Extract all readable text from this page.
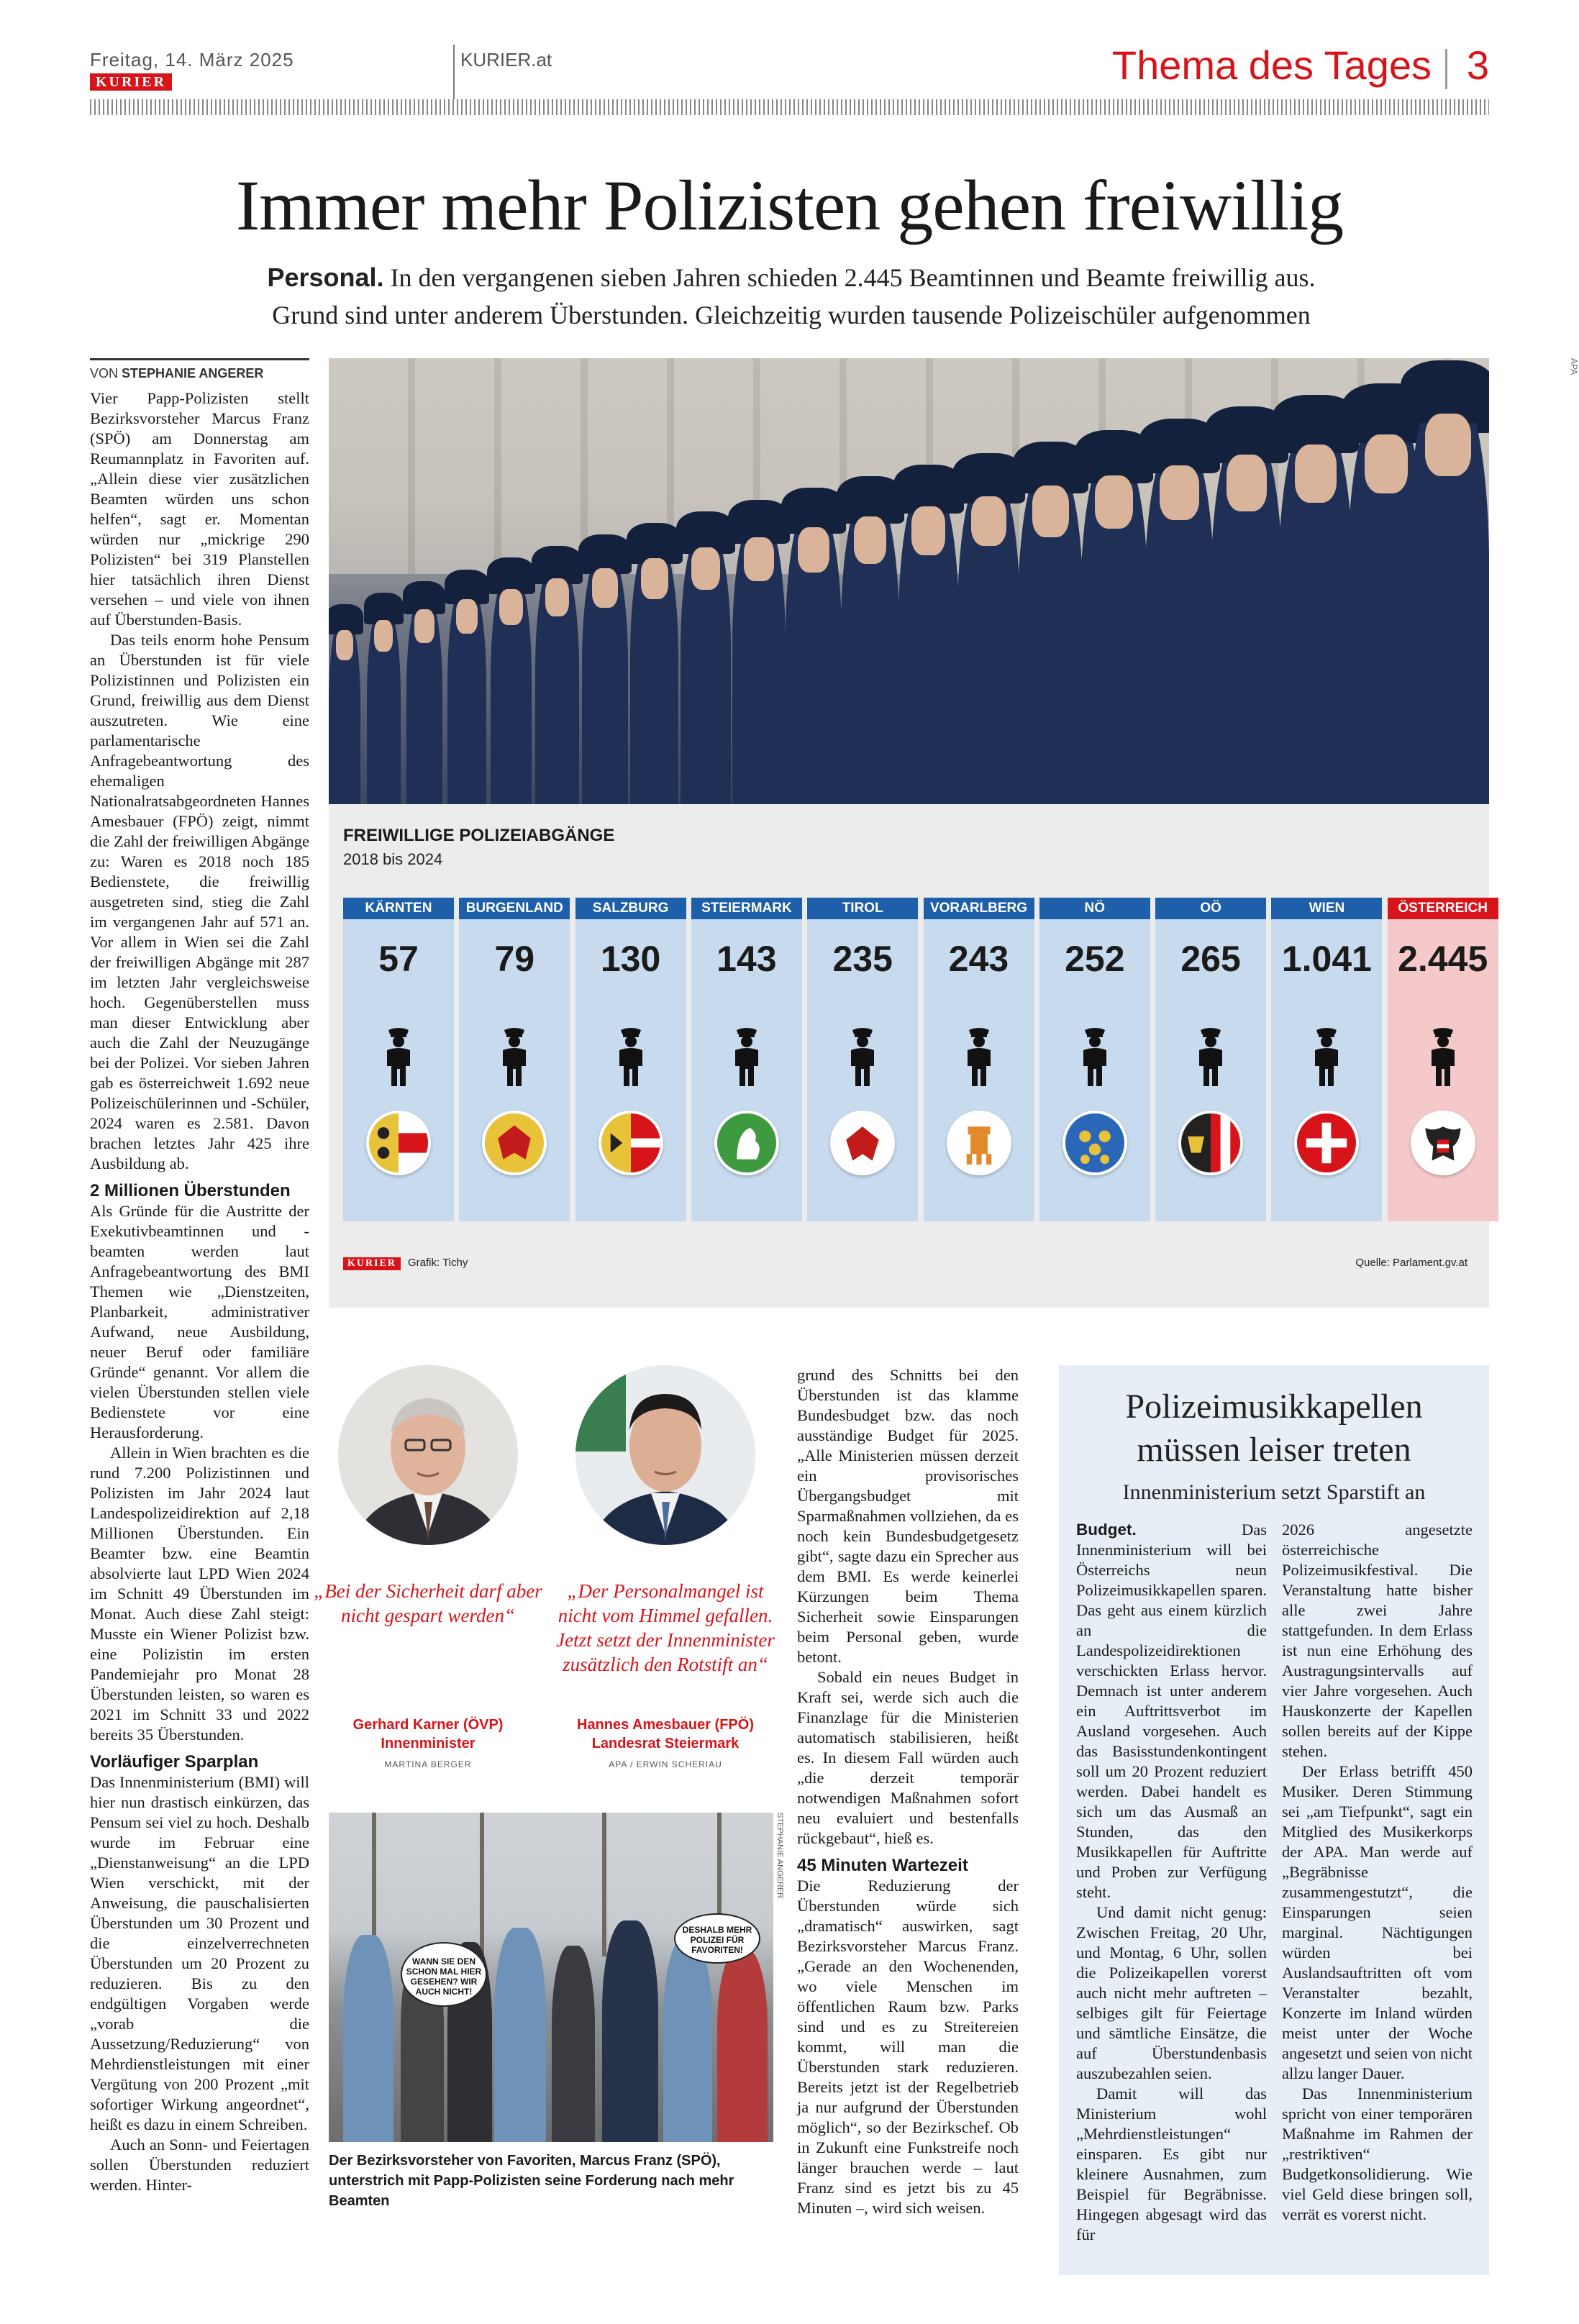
Freitag, 14. März 2025
KURIER
KURIER.at	Thema des Tages 3
Immer mehr Polizisten gehen freiwillig
Personal. In den vergangenen sieben Jahren schieden 2.445 Beamtinnen und Beamte freiwillig aus.
Grund sind unter anderem Überstunden. Gleichzeitig wurden tausende Polizeischüler aufgenommen
VON STEPHANIE ANGERER

Vier Papp-Polizisten stellt Bezirksvorsteher Marcus Franz (SPÖ) am Donnerstag am Reumannplatz in Favoriten auf. „Allein diese vier zusätzlichen Beamten würden uns schon helfen“, sagt er. Momentan würden nur „mickrige 290 Polizisten“ bei 319 Planstellen hier tatsächlich ihren Dienst versehen – und viele von ihnen auf Überstunden-Basis.

Das teils enorm hohe Pensum an Überstunden ist für viele Polizistinnen und Polizisten ein Grund, freiwillig aus dem Dienst auszutreten. Wie eine parlamentarische Anfragebeantwortung des ehemaligen Nationalratsabgeordneten Hannes Amesbauer (FPÖ) zeigt, nimmt die Zahl der freiwilligen Abgänge zu: Waren es 2018 noch 185 Bedienstete, die freiwillig ausgetreten sind, stieg die Zahl im vergangenen Jahr auf 571 an. Vor allem in Wien sei die Zahl der freiwilligen Abgänge mit 287 im letzten Jahr vergleichsweise hoch. Gegenüberstellen muss man dieser Entwicklung aber auch die Zahl der Neuzugänge bei der Polizei. Vor sieben Jahren gab es österreichweit 1.692 neue Polizeischülerinnen und -Schüler, 2024 waren es 2.581. Davon brachen letztes Jahr 425 ihre Ausbildung ab.

2 Millionen Überstunden

Als Gründe für die Austritte der Exekutivbeamtinnen und -beamten werden laut Anfragebeantwortung des BMI Themen wie „Dienstzeiten, Planbarkeit, administrativer Aufwand, neue Ausbildung, neuer Beruf oder familiäre Gründe“ genannt. Vor allem die vielen Überstunden stellen viele Bedienstete vor eine Herausforderung.

Allein in Wien brachten es die rund 7.200 Polizistinnen und Polizisten im Jahr 2024 laut Landespolizeidirektion auf 2,18 Millionen Überstunden. Ein Beamter bzw. eine Beamtin absolvierte laut LPD Wien 2024 im Schnitt 49 Überstunden im Monat. Auch diese Zahl steigt: Musste ein Wiener Polizist bzw. eine Polizistin im ersten Pandemiejahr pro Monat 28 Überstunden leisten, so waren es 2021 im Schnitt 33 und 2022 bereits 35 Überstunden.

Vorläufiger Sparplan

Das Innenministerium (BMI) will hier nun drastisch einkürzen, das Pensum sei viel zu hoch. Deshalb wurde im Februar eine „Dienstanweisung“ an die LPD Wien verschickt, mit der Anweisung, die pauschalisierten Überstunden um 30 Prozent und die einzelverrechneten Überstunden um 20 Prozent zu reduzieren. Bis zu den endgültigen Vorgaben werde „vorab die Aussetzung/Reduzierung“ von Mehrdienstleistungen mit einer Vergütung von 200 Prozent „mit sofortiger Wirkung angeordnet“, heißt es dazu in einem Schreiben.

Auch an Sonn- und Feiertagen sollen Überstunden reduziert werden. Hinter-

APA
FREIWILLIGE POLIZEIABGÄNGE
2018 bis 2024
KÄRNTEN
57
BURGENLAND
79
SALZBURG
130
STEIERMARK
143
TIROL
235
VORARLBERG
243
NÖ
252
OÖ
265
WIEN
1.041
ÖSTERREICH
2.445
KURIER	Grafik: Tichy	Quelle: Parlament.gv.at
„Bei der Sicherheit darf aber nicht gespart werden“
Gerhard Karner (ÖVP)
Innenminister
MARTINA BERGER
„Der Personalmangel ist nicht vom Himmel gefallen. Jetzt setzt der Innenminister zusätzlich den Rotstift an“
Hannes Amesbauer (FPÖ)
Landesrat Steiermark
APA / ERWIN SCHERIAU
WANN SIE DEN SCHON MAL HIER GESEHEN? WIR AUCH NICHT!
DESHALB MEHR POLIZEI FÜR FAVORITEN!
STEPHANIE ANGERER
Der Bezirksvorsteher von Favoriten, Marcus Franz (SPÖ), unterstrich mit Papp-Polizisten seine Forderung nach mehr Beamten

grund des Schnitts bei den Überstunden ist das klamme Bundesbudget bzw. das noch ausständige Budget für 2025. „Alle Ministerien müssen derzeit ein provisorisches Übergangsbudget mit Sparmaßnahmen vollziehen, da es noch kein Bundesbudgetgesetz gibt“, sagte dazu ein Sprecher aus dem BMI. Es werde keinerlei Kürzungen beim Thema Sicherheit sowie Einsparungen beim Personal geben, wurde betont.

Sobald ein neues Budget in Kraft sei, werde sich auch die Finanzlage für die Ministerien automatisch stabilisieren, heißt es. In diesem Fall würden auch „die derzeit temporär notwendigen Maßnahmen sofort neu evaluiert und bestenfalls rückgebaut“, hieß es.

45 Minuten Wartezeit

Die Reduzierung der Überstunden würde sich „dramatisch“ auswirken, sagt Bezirksvorsteher Marcus Franz. „Gerade an den Wochenenden, wo viele Menschen im öffentlichen Raum bzw. Parks sind und es zu Streitereien kommt, will man die Überstunden stark reduzieren. Bereits jetzt ist der Regelbetrieb ja nur aufgrund der Überstunden möglich“, so der Bezirkschef. Ob in Zukunft eine Funkstreife noch länger brauchen werde – laut Franz sind es jetzt bis zu 45 Minuten –, wird sich weisen.

Polizeimusikkapellen
müssen leiser treten
Innenministerium setzt Sparstift an

Budget. Das Innenministerium will bei Österreichs neun Polizeimusikkapellen sparen. Das geht aus einem kürzlich an die Landespolizeidirektionen verschickten Erlass hervor. Demnach ist unter anderem ein Auftrittsverbot im Ausland vorgesehen. Auch das Basisstundenkontingent soll um 20 Prozent reduziert werden. Dabei handelt es sich um das Ausmaß an Stunden, das den Musikkapellen für Auftritte und Proben zur Verfügung steht.

Und damit nicht genug: Zwischen Freitag, 20 Uhr, und Montag, 6 Uhr, sollen die Polizeikapellen vorerst auch nicht mehr auftreten – selbiges gilt für Feiertage und sämtliche Einsätze, die auf Überstundenbasis auszubezahlen seien.

Damit will das Ministerium wohl „Mehrdienstleistungen“ einsparen. Es gibt nur kleinere Ausnahmen, zum Beispiel für Begräbnisse. Hingegen abgesagt wird das für

2026 angesetzte österreichische Polizeimusikfestival. Die Veranstaltung hatte bisher alle zwei Jahre stattgefunden. In dem Erlass ist nun eine Erhöhung des Austragungsintervalls auf vier Jahre vorgesehen. Auch Hauskonzerte der Kapellen sollen bereits auf der Kippe stehen.

Der Erlass betrifft 450 Musiker. Deren Stimmung sei „am Tiefpunkt“, sagt ein Mitglied des Musikerkorps der APA. Man werde auf „Begräbnisse zusammengestutzt“, die Einsparungen seien marginal. Nächtigungen würden bei Auslandsauftritten oft vom Veranstalter bezahlt, Konzerte im Inland würden meist unter der Woche angesetzt und seien von nicht allzu langer Dauer.

Das Innenministerium spricht von einer temporären Maßnahme im Rahmen der „restriktiven“ Budgetkonsolidierung. Wie viel Geld diese bringen soll, verrät es vorerst nicht.
